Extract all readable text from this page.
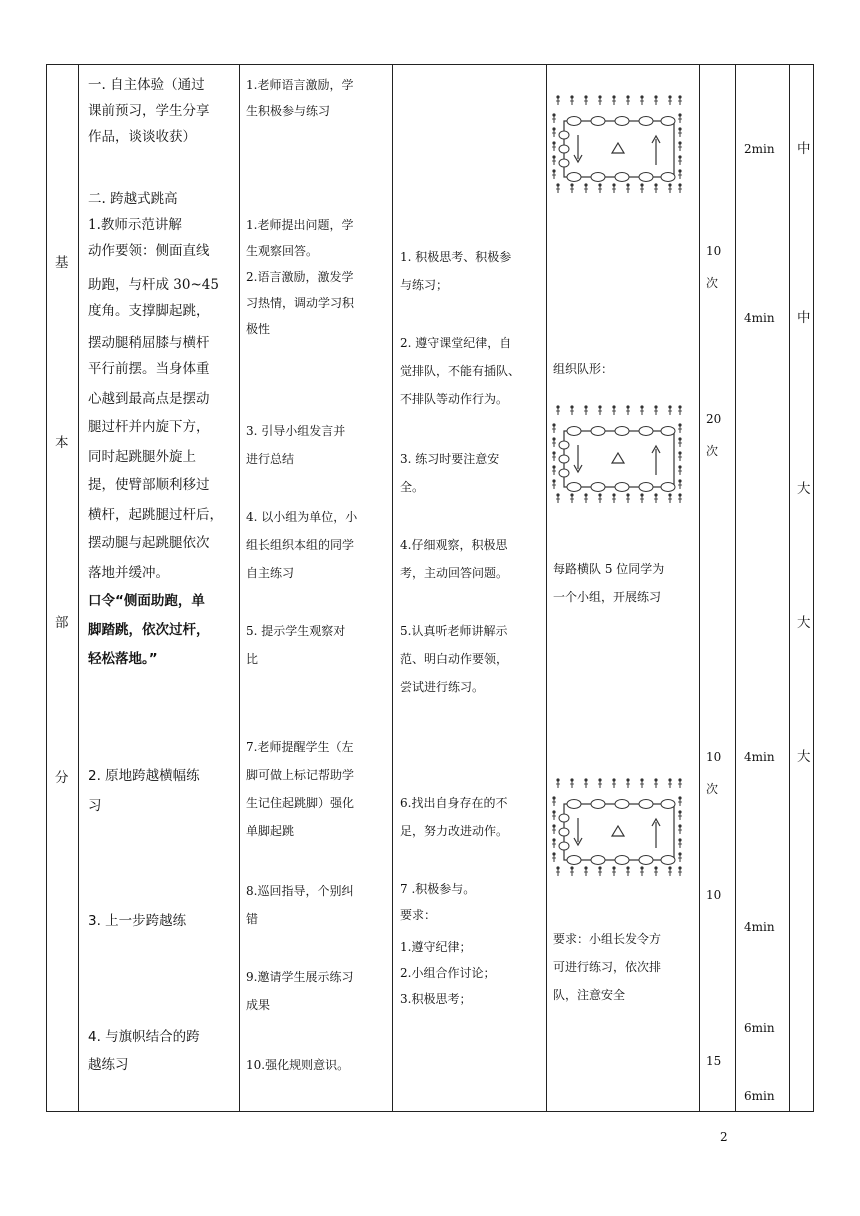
基
本
部
分
一. 自主体验（通过
课前预习，学生分享
作品，谈谈收获）
二. 跨越式跳高
1.教师示范讲解
动作要领：侧面直线
助跑，与杆成 30~45
度角。支撑脚起跳，
摆动腿稍屈膝与横杆
平行前摆。当身体重
心越到最高点是摆动
腿过杆并内旋下方，
同时起跳腿外旋上
提，使臂部顺利移过
横杆，起跳腿过杆后，
摆动腿与起跳腿依次
落地并缓冲。
口令“侧面助跑，单
脚踏跳，依次过杆，
轻松落地。”
2. 原地跨越横幅练
习
3. 上一步跨越练
4. 与旗帜结合的跨
越练习
1.老师语言激励，学
生积极参与练习
1.老师提出问题，学
生观察回答。
2.语言激励，激发学
习热情，调动学习积
极性
3. 引导小组发言并
进行总结
4. 以小组为单位，小
组长组织本组的同学
自主练习
5. 提示学生观察对
比
7.老师提醒学生（左
脚可做上标记帮助学
生记住起跳脚）强化
单脚起跳
8.巡回指导，个别纠
错
9.邀请学生展示练习
成果
10.强化规则意识。
1. 积极思考、积极参
与练习；
2. 遵守课堂纪律，自
觉排队，不能有插队、
不排队等动作行为。
3. 练习时要注意安
全。
4.仔细观察，积极思
考，主动回答问题。
5.认真听老师讲解示
范、明白动作要领，
尝试进行练习。
6.找出自身存在的不
足，努力改进动作。
7 .积极参与。
要求：
1.遵守纪律；
2.小组合作讨论；
3.积极思考；
组织队形：
每路横队 5 位同学为
一个小组，开展练习
要求：小组长发令方
可进行练习，依次排
队，注意安全
10
次
20
次
10
次
10
15
2min
4min
4min
4min
6min
6min
中
中
大
大
大
2
